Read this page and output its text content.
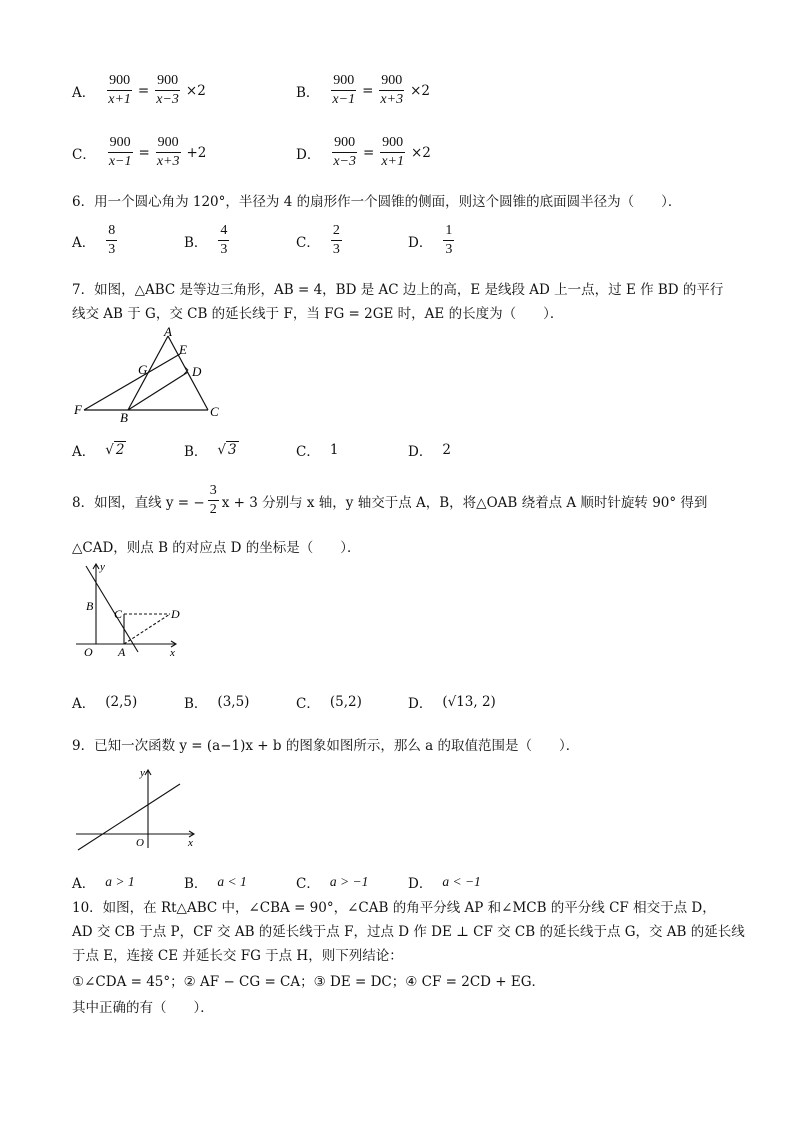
A． $\frac{900}{x+1} = \frac{900}{x-3} \times 2$	B． $\frac{900}{x-1} = \frac{900}{x+3} \times 2$
C． $\frac{900}{x-1} = \frac{900}{x+3} +2$	D． $\frac{900}{x-3} = \frac{900}{x+1} \times 2$
6．用一个圆心角为 120°，半径为 4 的扇形作一个圆锥的侧面，则这个圆锥的底面圆半径为（　　）．
A． $\frac{8}{3}$	B． $\frac{4}{3}$	C． $\frac{2}{3}$	D． $\frac{1}{3}$
7．如图，△ABC 是等边三角形，AB = 4，BD 是 AC 边上的高，E 是线段 AD 上一点，过 E 作 BD 的平行
线交 AB 于 G，交 CB 的延长线于 F，当 FG = 2GE 时，AE 的长度为（　　）．
A
E
G	D
F
B	C
A． √ 2	B． √ 3	C． 1	D． 2
8．如图，直线 y = − $\frac{3}{2}$ x + 3 分别与 x 轴，y 轴交于点 A，B，将△OAB 绕着点 A 顺时针旋转 90° 得到
△CAD，则点 B 的对应点 D 的坐标是（　　）．
y
B
C	D
O A	x
A． (2,5)	B． (3,5)	C． (5,2)	D． (√13, 2)
9．已知一次函数 y = (a−1)x + b 的图象如图所示，那么 a 的取值范围是（　　）．
y
O	x
A． a > 1	B． a < 1	C． a > −1	D． a < −1
10．如图，在 Rt△ABC 中，∠CBA = 90°，∠CAB 的角平分线 AP 和∠MCB 的平分线 CF 相交于点 D，
AD 交 CB 于点 P，CF 交 AB 的延长线于点 F，过点 D 作 DE ⊥ CF 交 CB 的延长线于点 G，交 AB 的延长线
于点 E，连接 CE 并延长交 FG 于点 H，则下列结论：
①∠CDA = 45°；② AF − CG = CA；③ DE = DC；④ CF = 2CD + EG．
其中正确的有（　　）．
